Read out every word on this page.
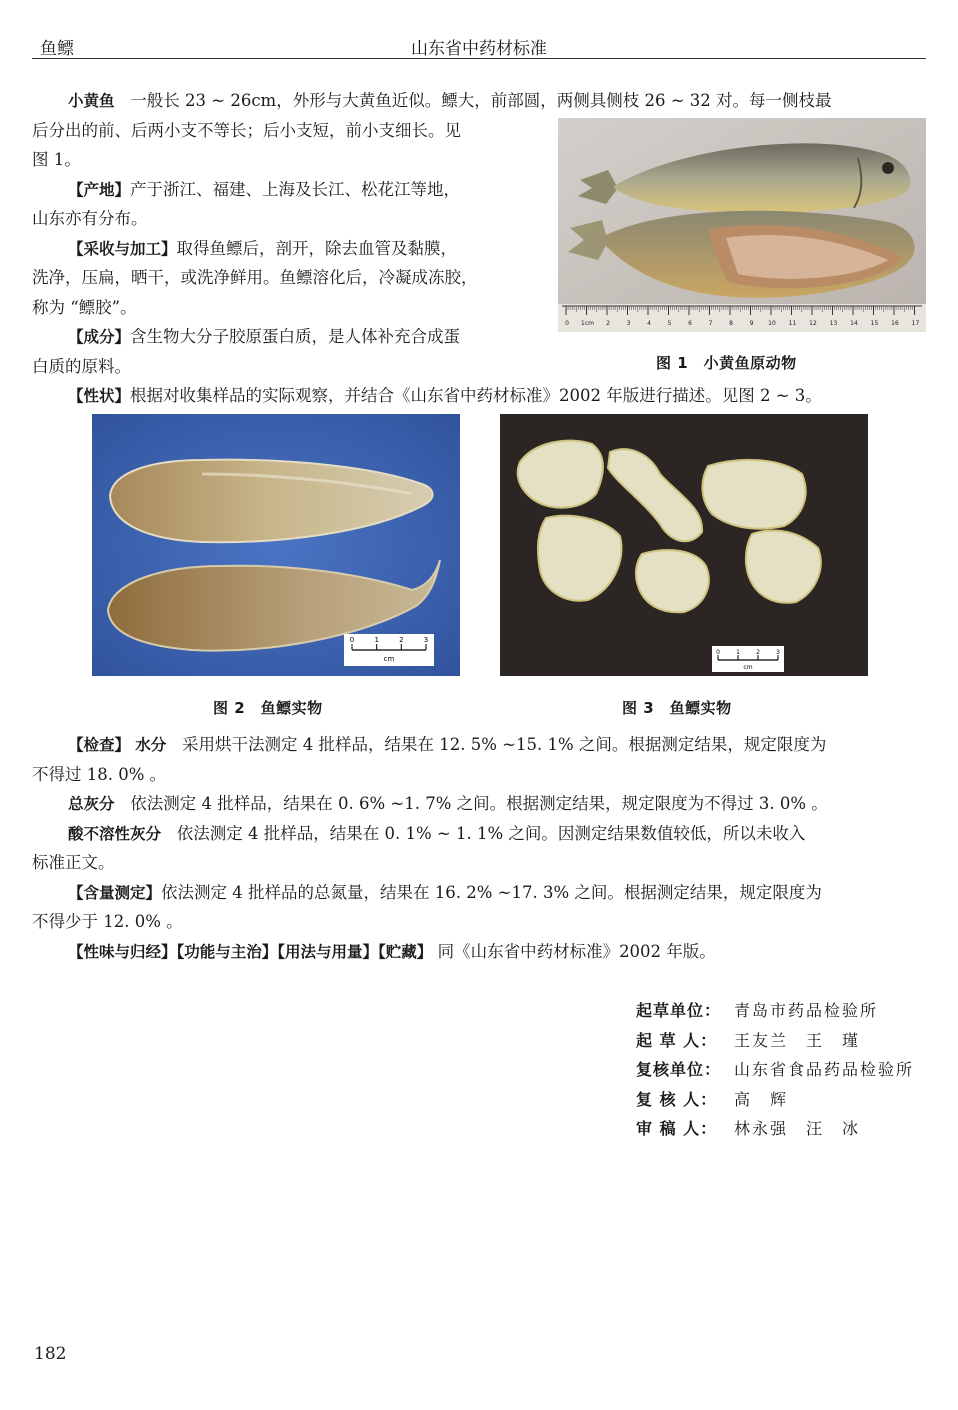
鱼鳔	山东省中药材标准
小黄鱼 一般长 23 ~ 26cm，外形与大黄鱼近似。鳔大，前部圆，两侧具侧枝 26 ~ 32 对。每一侧枝最
后分出的前、后两小支不等长；后小支短，前小支细长。见
图 1。
【产地】产于浙江、福建、上海及长江、松花江等地，
山东亦有分布。
【采收与加工】取得鱼鳔后，剖开，除去血管及黏膜，
洗净，压扁，晒干，或洗净鲜用。鱼鳔溶化后，冷凝成冻胶，
称为 “鳔胶”。
【成分】含生物大分子胶原蛋白质，是人体补充合成蛋
白质的原料。
0 1cm 2	3	4	5	6	7	8	9 10 11 12 13 14 15 16 17
图 1　小黄鱼原动物
【性状】根据对收集样品的实际观察，并结合《山东省中药材标准》2002 年版进行描述。见图 2 ~ 3。
0	1	2	3
cm
图 2　鱼鳔实物
0	1	2	3
cm
图 3　鱼鳔实物
【检查】 水分 采用烘干法测定 4 批样品，结果在 12. 5% ~15. 1% 之间。根据测定结果，规定限度为
不得过 18. 0% 。
总灰分 依法测定 4 批样品，结果在 0. 6% ~1. 7% 之间。根据测定结果，规定限度为不得过 3. 0% 。
酸不溶性灰分 依法测定 4 批样品，结果在 0. 1% ~ 1. 1% 之间。因测定结果数值较低，所以未收入
标准正文。
【含量测定】依法测定 4 批样品的总氮量，结果在 16. 2% ~17. 3% 之间。根据测定结果，规定限度为
不得少于 12. 0% 。
【性味与归经】【功能与主治】【用法与用量】【贮藏】 同《山东省中药材标准》2002 年版。
起草单位： 青岛市药品检验所
起 草 人：	王友兰　王　瑾
复核单位： 山东省食品药品检验所
复 核 人：	高　辉
审 稿 人：	林永强　汪　冰
182
